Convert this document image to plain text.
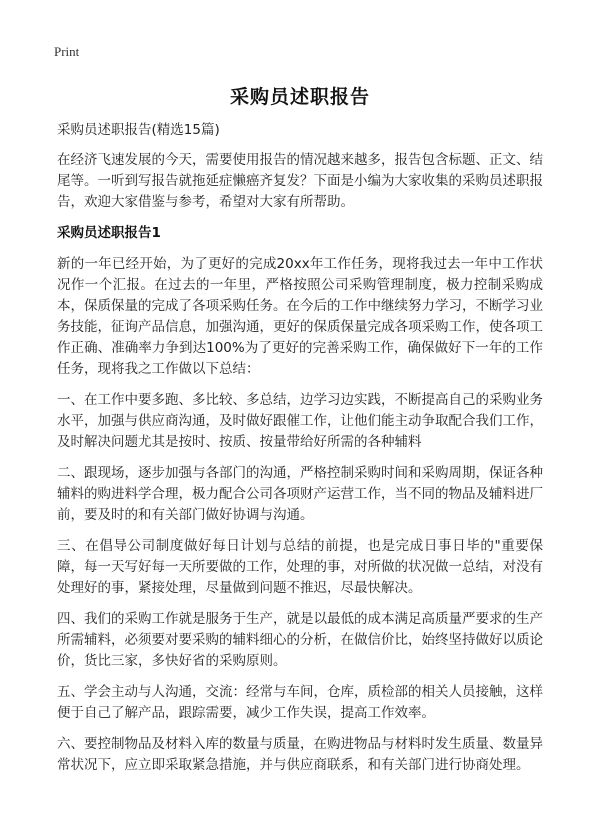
Print
采购员述职报告
采购员述职报告(精选15篇)

在经济飞速发展的今天，需要使用报告的情况越来越多，报告包含标题、正文、结尾等。一听到写报告就拖延症懒癌齐复发？下面是小编为大家收集的采购员述职报告，欢迎大家借鉴与参考，希望对大家有所帮助。

采购员述职报告1

新的一年已经开始，为了更好的完成20xx年工作任务，现将我过去一年中工作状况作一个汇报。在过去的一年里，严格按照公司采购管理制度，极力控制采购成本，保质保量的完成了各项采购任务。在今后的工作中继续努力学习，不断学习业务技能，征询产品信息，加强沟通，更好的保质保量完成各项采购工作，使各项工作正确、准确率力争到达100%为了更好的完善采购工作，确保做好下一年的工作任务，现将我之工作做以下总结：

一、在工作中要多跑、多比较、多总结，边学习边实践，不断提高自己的采购业务水平，加强与供应商沟通，及时做好跟催工作，让他们能主动争取配合我们工作，及时解决问题尤其是按时、按质、按量带给好所需的各种辅料

二、跟现场，逐步加强与各部门的沟通，严格控制采购时间和采购周期，保证各种辅料的购进料学合理，极力配合公司各项财产运营工作，当不同的物品及辅料进厂前，要及时的和有关部门做好协调与沟通。

三、在倡导公司制度做好每日计划与总结的前提，也是完成日事日毕的"重要保障，每一天写好每一天所要做的工作，处理的事，对所做的状况做一总结，对没有处理好的事，紧接处理，尽量做到问题不推迟，尽最快解决。

四、我们的采购工作就是服务于生产，就是以最低的成本满足高质量严要求的生产所需辅料，必须要对要采购的辅料细心的分析，在做信价比，始终坚持做好以质论价，货比三家，多快好省的采购原则。

五、学会主动与人沟通，交流：经常与车间，仓库，质检部的相关人员接触，这样便于自己了解产品，跟踪需要，减少工作失误，提高工作效率。

六、要控制物品及材料入库的数量与质量，在购进物品与材料时发生质量、数量异常状况下，应立即采取紧急措施，并与供应商联系，和有关部门进行协商处理。
